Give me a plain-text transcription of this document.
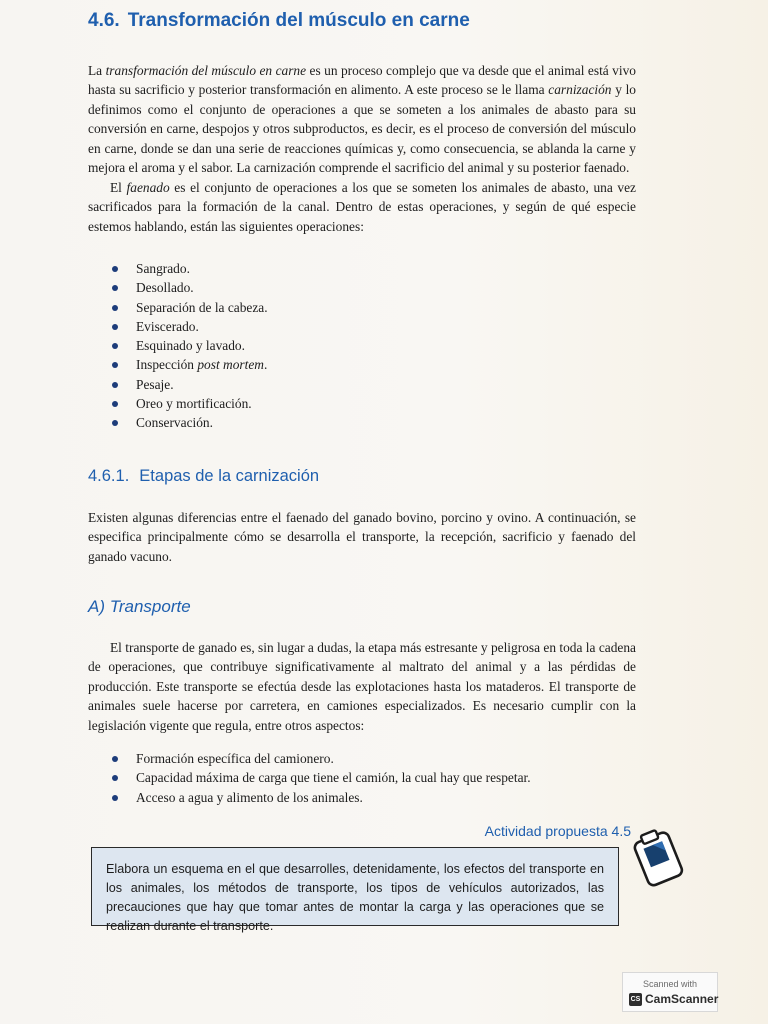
4.6. Transformación del músculo en carne

La transformación del músculo en carne es un proceso complejo que va desde que el animal está vivo hasta su sacrificio y posterior transformación en alimento. A este proceso se le llama carnización y lo definimos como el conjunto de operaciones a que se someten a los animales de abasto para su conversión en carne, despojos y otros subproductos, es decir, es el proceso de conversión del músculo en carne, donde se dan una serie de reacciones químicas y, como consecuencia, se ablanda la carne y mejora el aroma y el sabor. La carnización comprende el sacrificio del animal y su posterior faenado.

El faenado es el conjunto de operaciones a los que se someten los animales de abasto, una vez sacrificados para la formación de la canal. Dentro de estas operaciones, y según de qué especie estemos hablando, están las siguientes operaciones:

Sangrado.
Desollado.
Separación de la cabeza.
Eviscerado.
Esquinado y lavado.
Inspección post mortem.
Pesaje.
Oreo y mortificación.
Conservación.
4.6.1. Etapas de la carnización

Existen algunas diferencias entre el faenado del ganado bovino, porcino y ovino. A continuación, se especifica principalmente cómo se desarrolla el transporte, la recepción, sacrificio y faenado del ganado vacuno.

A) Transporte

El transporte de ganado es, sin lugar a dudas, la etapa más estresante y peligrosa en toda la cadena de operaciones, que contribuye significativamente al maltrato del animal y a las pérdidas de producción. Este transporte se efectúa desde las explotaciones hasta los mataderos. El transporte de animales suele hacerse por carretera, en camiones especializados. Es necesario cumplir con la legislación vigente que regula, entre otros aspectos:

Formación específica del camionero.
Capacidad máxima de carga que tiene el camión, la cual hay que respetar.
Acceso a agua y alimento de los animales.
Actividad propuesta 4.5
Elabora un esquema en el que desarrolles, detenidamente, los efectos del transporte en los animales, los métodos de transporte, los tipos de vehículos autorizados, las precauciones que hay que tomar antes de montar la carga y las operaciones que se realizan durante el transporte.
Scanned with
CS CamScanner
